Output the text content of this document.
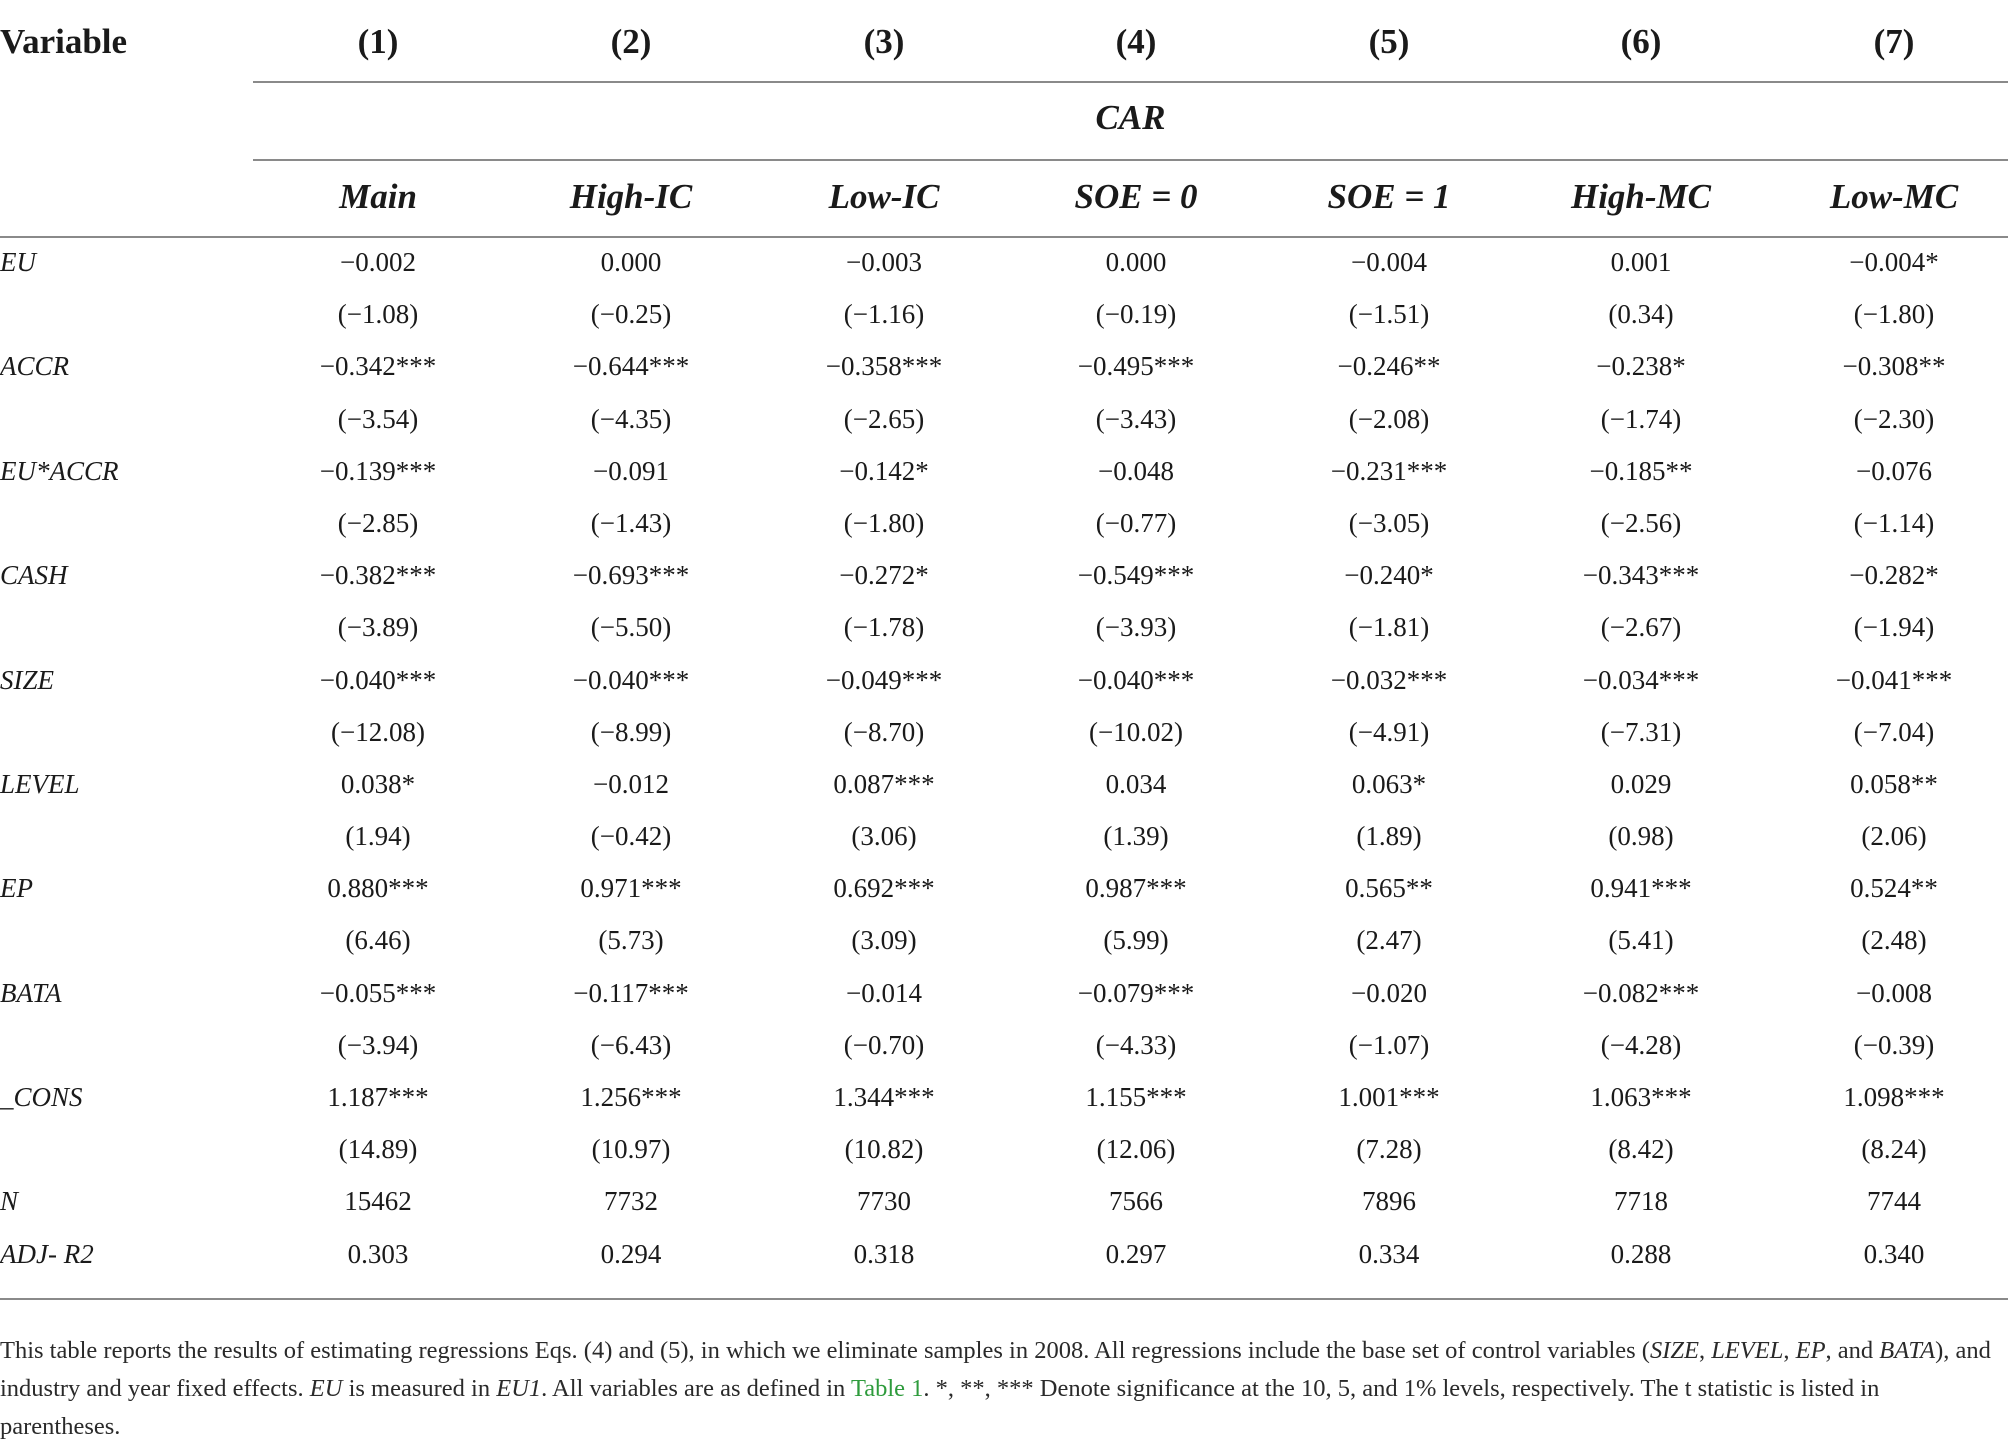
Variable	(1)	(2)	(3)	(4)	(5)	(6)	(7)
CAR
Main	High-IC	Low-IC	SOE = 0	SOE = 1	High-MC	Low-MC
EU	−0.002	0.000	−0.003	0.000	−0.004	0.001	−0.004*
(−1.08)	(−0.25)	(−1.16)	(−0.19)	(−1.51)	(0.34)	(−1.80)
ACCR	−0.342***	−0.644***	−0.358***	−0.495***	−0.246**	−0.238*	−0.308**
(−3.54)	(−4.35)	(−2.65)	(−3.43)	(−2.08)	(−1.74)	(−2.30)
EU*ACCR	−0.139***	−0.091	−0.142*	−0.048	−0.231***	−0.185**	−0.076
(−2.85)	(−1.43)	(−1.80)	(−0.77)	(−3.05)	(−2.56)	(−1.14)
CASH	−0.382***	−0.693***	−0.272*	−0.549***	−0.240*	−0.343***	−0.282*
(−3.89)	(−5.50)	(−1.78)	(−3.93)	(−1.81)	(−2.67)	(−1.94)
SIZE	−0.040***	−0.040***	−0.049***	−0.040***	−0.032***	−0.034***	−0.041***
(−12.08)	(−8.99)	(−8.70)	(−10.02)	(−4.91)	(−7.31)	(−7.04)
LEVEL	0.038*	−0.012	0.087***	0.034	0.063*	0.029	0.058**
(1.94)	(−0.42)	(3.06)	(1.39)	(1.89)	(0.98)	(2.06)
EP	0.880***	0.971***	0.692***	0.987***	0.565**	0.941***	0.524**
(6.46)	(5.73)	(3.09)	(5.99)	(2.47)	(5.41)	(2.48)
BATA	−0.055***	−0.117***	−0.014	−0.079***	−0.020	−0.082***	−0.008
(−3.94)	(−6.43)	(−0.70)	(−4.33)	(−1.07)	(−4.28)	(−0.39)
_CONS	1.187***	1.256***	1.344***	1.155***	1.001***	1.063***	1.098***
(14.89)	(10.97)	(10.82)	(12.06)	(7.28)	(8.42)	(8.24)
N	15462	7732	7730	7566	7896	7718	7744
ADJ- R2	0.303	0.294	0.318	0.297	0.334	0.288	0.340
This table reports the results of estimating regressions Eqs. (4) and (5), in which we eliminate samples in 2008. All regressions include the base set of control variables (SIZE, LEVEL, EP, and BATA), and industry and year fixed effects. EU is measured in EU1. All variables are as defined in Table 1. *, **, *** Denote significance at the 10, 5, and 1% levels, respectively. The t statistic is listed in parentheses.
